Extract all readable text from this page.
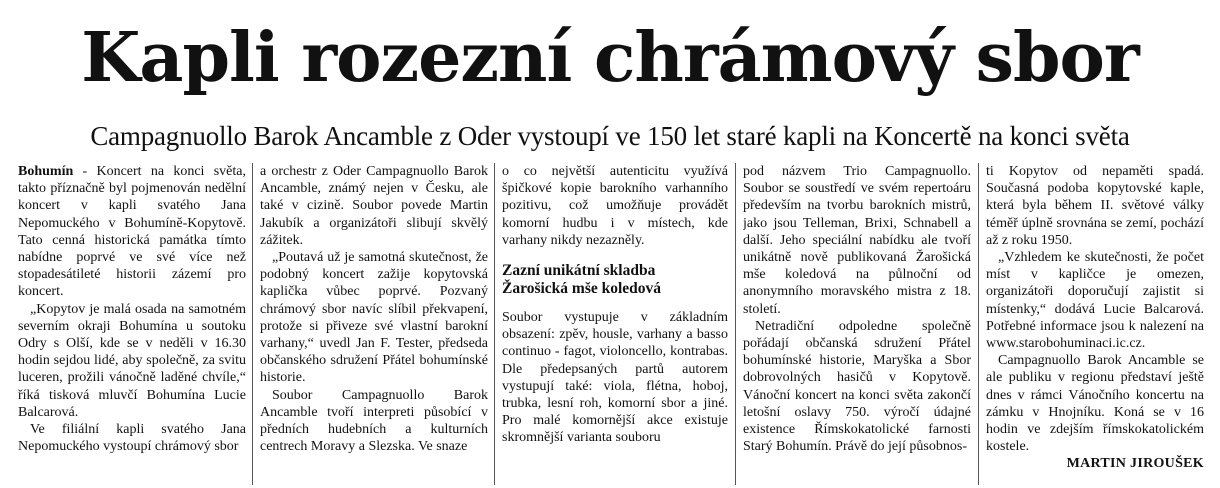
Kapli rozezní chrámový sbor
Campagnuollo Barok Ancamble z Oder vystoupí ve 150 let staré kapli na Koncertě na konci světa

Bohumín - Koncert na konci světa, takto příznačně byl pojmenován nedělní koncert v kapli svatého Jana Nepomuckého v Bohumíně-Kopytově. Tato cenná historická památka tímto nabídne poprvé ve své více než stopadesátileté historii zázemí pro koncert.

„Kopytov je malá osada na samotném severním okraji Bohumína u soutoku Odry s Olší, kde se v neděli v 16.30 hodin sejdou lidé, aby společně, za svitu luceren, prožili vánočně laděné chvíle,“ říká tisková mluvčí Bohumína Lucie Balcarová.

Ve filiální kapli svatého Jana Nepomuckého vystoupí chrámový sbor

a orchestr z Oder Campagnuollo Barok Ancamble, známý nejen v Česku, ale také v cizině. Soubor povede Martin Jakubík a organizátoři slibují skvělý zážitek.

„Poutavá už je samotná skutečnost, že podobný koncert zažije kopytovská kaplička vůbec poprvé. Pozvaný chrámový sbor navíc slíbil překvapení, protože si přiveze své vlastní barokní varhany,“ uvedl Jan F. Tester, předseda občanského sdružení Přátel bohumínské historie.

Soubor Campagnuollo Barok Ancamble tvoří interpreti působící v předních hudebních a kulturních centrech Moravy a Slezska. Ve snaze

o co největší autenticitu využívá špičkové kopie barokního varhanního pozitivu, což umožňuje provádět komorní hudbu i v místech, kde varhany nikdy nezazněly.

Zazní unikátní skladba
Žarošická mše koledová

Soubor vystupuje v základním obsazení: zpěv, housle, varhany a basso continuo - fagot, violoncello, kontrabas. Dle předepsaných partů autorem vystupují také: viola, flétna, hoboj, trubka, lesní roh, komorní sbor a jiné. Pro malé komornější akce existuje skromnější varianta souboru

pod názvem Trio Campagnuollo. Soubor se soustředí ve svém repertoáru především na tvorbu barokních mistrů, jako jsou Telleman, Brixi, Schnabell a další. Jeho speciální nabídku ale tvoří unikátně nově publikovaná Žarošická mše koledová na půlnoční od anonymního moravského mistra z 18. století.

Netradiční odpoledne společně pořádají občanská sdružení Přátel bohumínské historie, Maryška a Sbor dobrovolných hasičů v Kopytově. Vánoční koncert na konci světa zakončí letošní oslavy 750. výročí údajné existence Římskokatolické farnosti Starý Bohumín. Právě do její působnos-

ti Kopytov od nepaměti spadá. Současná podoba kopytovské kaple, která byla během II. světové války téměř úplně srovnána se zemí, pochází až z roku 1950.

„Vzhledem ke skutečnosti, že počet míst v kapličce je omezen, organizátoři doporučují zajistit si místenky,“ dodává Lucie Balcarová. Potřebné informace jsou k nalezení na www.starobohuminaci.ic.cz.

Campagnuollo Barok Ancamble se ale publiku v regionu představí ještě dnes v rámci Vánočního koncertu na zámku v Hnojníku. Koná se v 16 hodin ve zdejším římskokatolickém kostele.

MARTIN JIROUŠEK
